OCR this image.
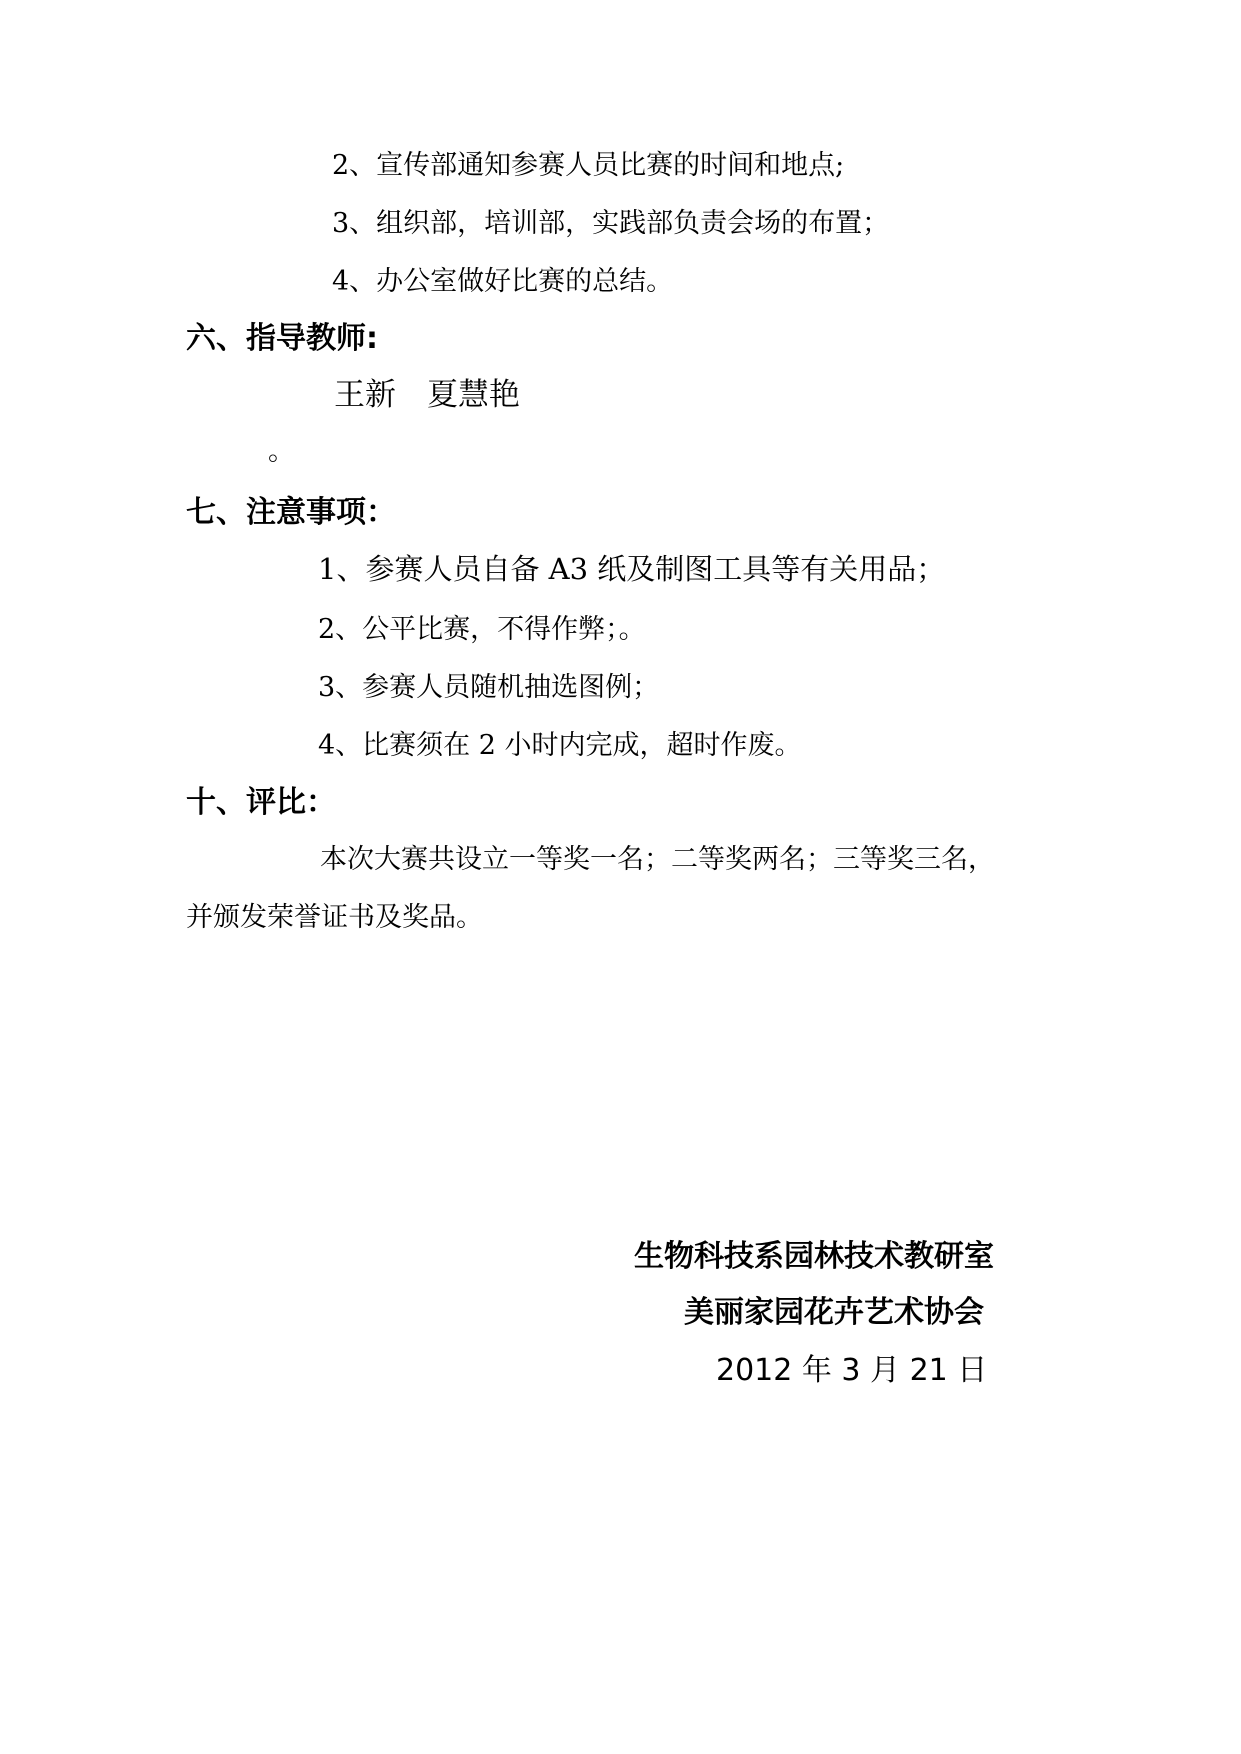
2、宣传部通知参赛人员比赛的时间和地点;
3、组织部，培训部，实践部负责会场的布置；
4、办公室做好比赛的总结。
六、指导教师:
王新　夏慧艳
。
七、注意事项：
1、参赛人员自备 A3 纸及制图工具等有关用品；
2、公平比赛，不得作弊；。
3、参赛人员随机抽选图例；
4、比赛须在 2 小时内完成，超时作废。
十、评比：
本次大赛共设立一等奖一名；二等奖两名；三等奖三名，
并颁发荣誉证书及奖品。
生物科技系园林技术教研室
美丽家园花卉艺术协会
2012 年 3 月 21 日
